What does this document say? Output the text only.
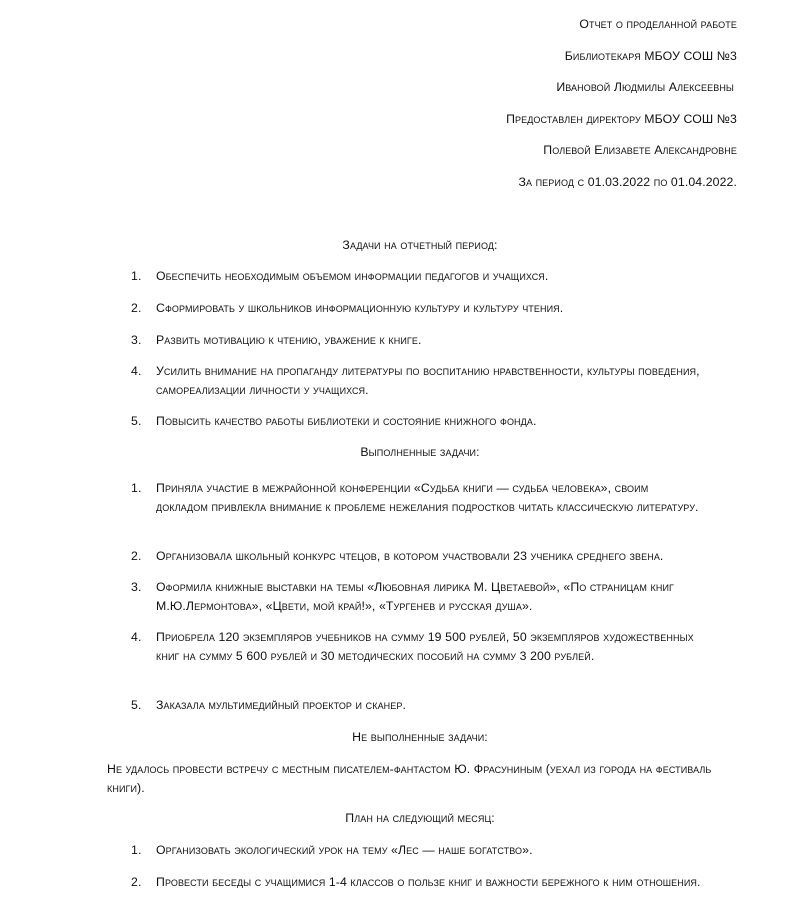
Отчет о проделанной работе
Библиотекаря МБОУ СОШ №3
Ивановой Людмилы Алексеевны
Предоставлен директору МБОУ СОШ №3
Полевой Елизавете Александровне
За период с 01.03.2022 по 01.04.2022.
Задачи на отчетный период:
1. Обеспечить необходимым объемом информации педагогов и учащихся.
2. Сформировать у школьников информационную культуру и культуру чтения.
3. Развить мотивацию к чтению, уважение к книге.
4. Усилить внимание на пропаганду литературы по воспитанию нравственности, культуры поведения, самореализации личности у учащихся.
5. Повысить качество работы библиотеки и состояние книжного фонда.
Выполненные задачи:
1. Приняла участие в межрайонной конференции «Судьба книги — судьба человека», своим докладом привлекла внимание к проблеме нежелания подростков читать классическую литературу.
2. Организовала школьный конкурс чтецов, в котором участвовали 23 ученика среднего звена.
3. Оформила книжные выставки на темы «Любовная лирика М. Цветаевой», «По страницам книг М.Ю.Лермонтова», «Цвети, мой край!», «Тургенев и русская душа».
4. Приобрела 120 экземпляров учебников на сумму 19 500 рублей, 50 экземпляров художественных книг на сумму 5 600 рублей и 30 методических пособий на сумму 3 200 рублей.
5. Заказала мультимедийный проектор и сканер.
Не выполненные задачи:
Не удалось провести встречу с местным писателем-фантастом Ю. Фрасуниным (уехал из города на фестиваль книги).
План на следующий месяц:
1. Организовать экологический урок на тему «Лес — наше богатство».
2. Провести беседы с учащимися 1-4 классов о пользе книг и важности бережного к ним отношения.
